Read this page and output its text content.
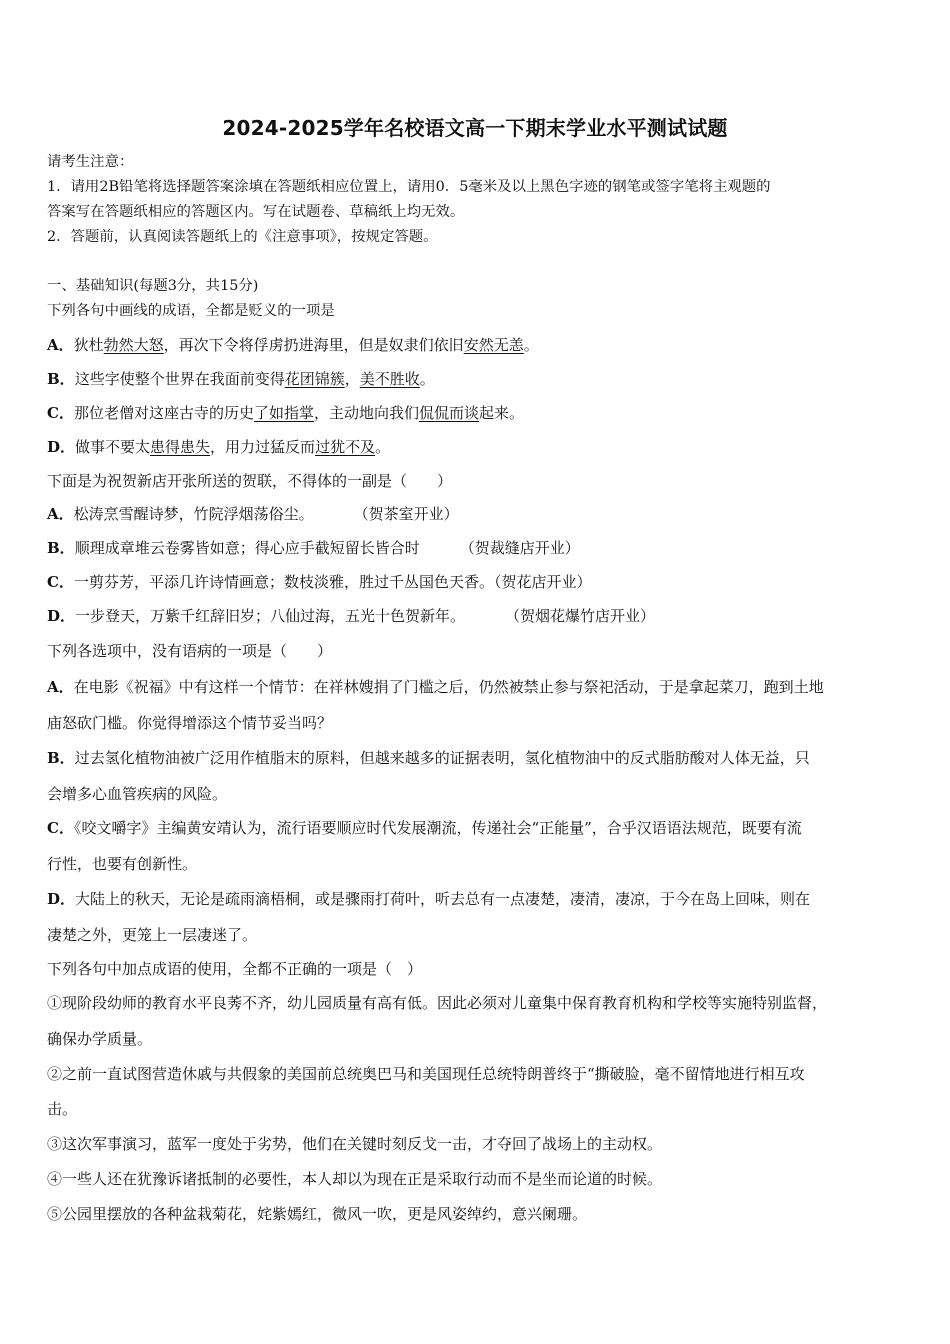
2024-2025学年名校语文高一下期末学业水平测试试题
请考生注意：
1．请用2B铅笔将选择题答案涂填在答题纸相应位置上，请用0．5毫米及以上黑色字迹的钢笔或签字笔将主观题的
答案写在答题纸相应的答题区内。写在试题卷、草稿纸上均无效。
2．答题前，认真阅读答题纸上的《注意事项》，按规定答题。
一、基础知识(每题3分，共15分)
下列各句中画线的成语，全都是贬义的一项是
A．狄杜勃然大怒，再次下令将俘虏扔进海里，但是奴隶们依旧安然无恙。
B．这些字使整个世界在我面前变得花团锦簇，美不胜收。
C．那位老僧对这座古寺的历史了如指掌，主动地向我们侃侃而谈起来。
D．做事不要太患得患失，用力过猛反而过犹不及。
下面是为祝贺新店开张所送的贺联，不得体的一副是（　　）
A．松涛烹雪醒诗梦，竹院浮烟荡俗尘。	（贺茶室开业）
B．顺理成章堆云卷雾皆如意；得心应手截短留长皆合时	（贺裁缝店开业）
C．一剪芬芳，平添几许诗情画意；数枝淡雅，胜过千丛国色天香。（贺花店开业）
D．一步登天，万紫千红辞旧岁；八仙过海，五光十色贺新年。	（贺烟花爆竹店开业）
下列各选项中，没有语病的一项是（　　）
A．在电影《祝福》中有这样一个情节：在祥林嫂捐了门槛之后，仍然被禁止参与祭祀活动，于是拿起菜刀，跑到土地
庙怒砍门槛。你觉得增添这个情节妥当吗？
B．过去氢化植物油被广泛用作植脂末的原料，但越来越多的证据表明，氢化植物油中的反式脂肪酸对人体无益，只
会增多心血管疾病的风险。
C．《咬文嚼字》主编黄安靖认为，流行语要顺应时代发展潮流，传递社会“正能量”，合乎汉语语法规范，既要有流
行性，也要有创新性。
D．大陆上的秋天，无论是疏雨滴梧桐，或是骤雨打荷叶，听去总有一点凄楚，凄清，凄凉，于今在岛上回味，则在
凄楚之外，更笼上一层凄迷了。
下列各句中加点成语的使用，全都不正确的一项是（　）
①现阶段幼师的教育水平良莠不齐，幼儿园质量有高有低。因此必须对儿童集中保育教育机构和学校等实施特别监督，
确保办学质量。
②之前一直试图营造休戚与共假象的美国前总统奥巴马和美国现任总统特朗普终于“撕破脸，毫不留情地进行相互攻
击。
③这次军事演习，蓝军一度处于劣势，他们在关键时刻反戈一击，才夺回了战场上的主动权。
④一些人还在犹豫诉诸抵制的必要性，本人却以为现在正是采取行动而不是坐而论道的时候。
⑤公园里摆放的各种盆栽菊花，姹紫嫣红，微风一吹，更是风姿绰约，意兴阑珊。
